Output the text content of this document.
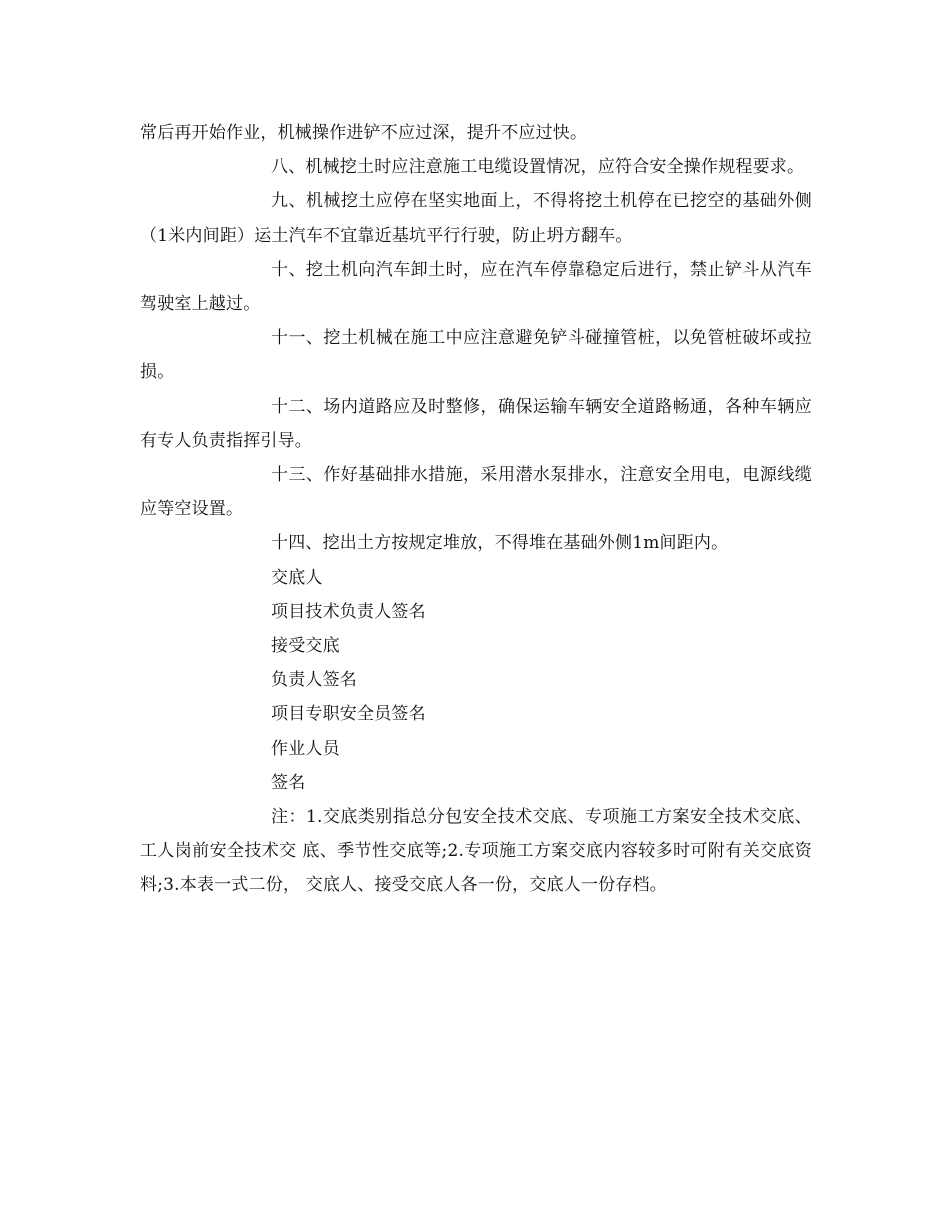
常后再开始作业，机械操作进铲不应过深，提升不应过快。

八、机械挖土时应注意施工电缆设置情况，应符合安全操作规程要求。

九、机械挖土应停在坚实地面上，不得将挖土机停在已挖空的基础外侧（1米内间距）运土汽车不宜靠近基坑平行行驶，防止坍方翻车。

十、挖土机向汽车卸土时，应在汽车停靠稳定后进行，禁止铲斗从汽车驾驶室上越过。

十一、挖土机械在施工中应注意避免铲斗碰撞管桩，以免管桩破坏或拉损。

十二、场内道路应及时整修，确保运输车辆安全道路畅通，各种车辆应有专人负责指挥引导。

十三、作好基础排水措施，采用潜水泵排水，注意安全用电，电源线缆应等空设置。

十四、挖出土方按规定堆放，不得堆在基础外侧1m间距内。

交底人

项目技术负责人签名

接受交底

负责人签名

项目专职安全员签名

作业人员

签名

注：1.交底类别指总分包安全技术交底、专项施工方案安全技术交底、工人岗前安全技术交 底、季节性交底等;2.专项施工方案交底内容较多时可附有关交底资料;3.本表一式二份， 交底人、接受交底人各一份，交底人一份存档。
